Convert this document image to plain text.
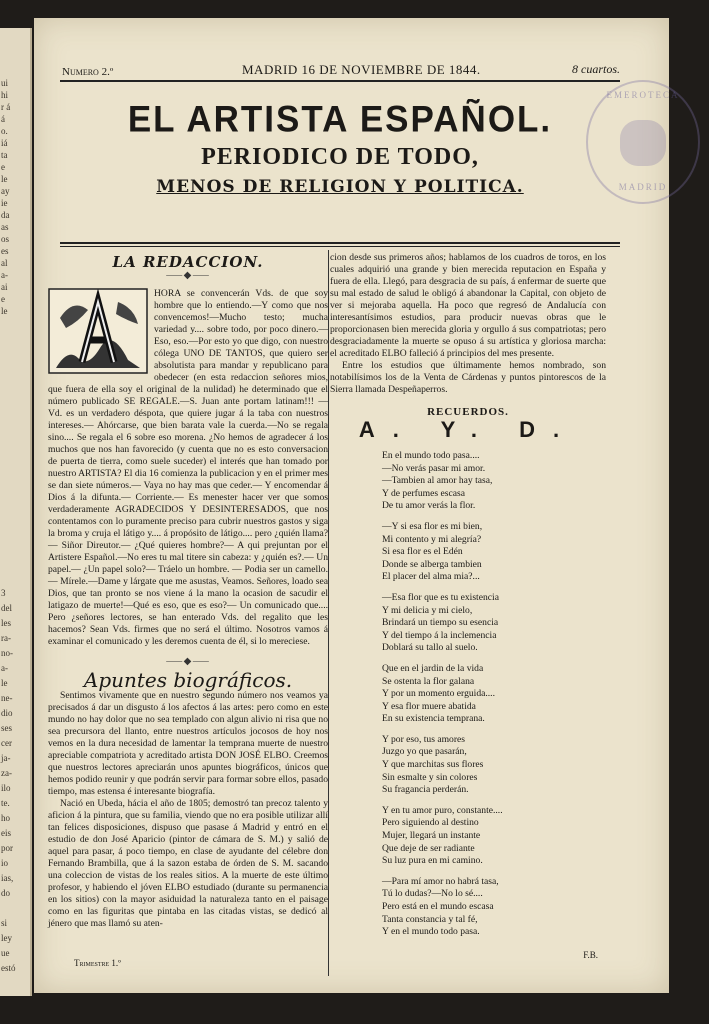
ui
hi
r á
á
o.
iá
ta
e
le
ay
ie
da
as
os
es
al
a-
ai
e
le
3
del
les
ra-
no-
a-
le
ne-
dio
ses
cer
ja-
za-
ilo
te.
ho
eis
por
io
ias,
do
si
ley
ue
estó
EMEROTECA
MADRID
Numero 2.º	MADRID 16 DE NOVIEMBRE DE 1844.	8 cuartos.
EL ARTISTA ESPAÑOL.
PERIODICO DE TODO,
MENOS DE RELIGION Y POLITICA.
LA REDACCION.
⸺◆⸺

HORA se convencerán Vds. de que soy hombre que lo entiendo.—Y como que nos convencemos!—Mucho testo; mucha variedad y.... sobre todo, por poco dinero.—Eso, eso.—Por esto yo que digo, con nuestro cólega UNO DE TANTOS, que quiero ser absolutista para mandar y republicano para obedecer (en esta redaccion señores mios, que fuera de ella soy el original de la nulidad) he determinado que el número publicado SE REGALE.—S. Juan ante portam latinam!!! — Vd. es un verdadero déspota, que quiere jugar á la taba con nuestros intereses.— Ahórcarse, que bien barata vale la cuerda.—No se regala sino.... Se regala el 6 sobre eso morena. ¿No hemos de agradecer á los muchos que nos han favorecido (y cuenta que no es esto conversacion de puerta de tierra, como suele suceder) el interés que han tomado por nuestro ARTISTA? El dia 16 comienza la publicacion y en el primer mes se dan siete números.— Vaya no hay mas que ceder.— Y encomendar á Dios á la difunta.— Corriente.— Es menester hacer ver que somos verdaderamente AGRADECIDOS Y DESINTERESADOS, que nos contentamos con lo puramente preciso para cubrir nuestros gastos y siga la broma y cruja el látigo y.... á propósito de látigo.... pero ¿quién llama?— Siñor Direutor.— ¿Qué quieres hombre?— A qui prejuntan por el Artistere Español.—No eres tu mal titere sin cabeza: y ¿quién es?.— Un papel.— ¿Un papel solo?— Tráelo un hombre. — Podia ser un camello.— Mírele.—Dame y lárgate que me asustas, Veamos. Señores, loado sea Dios, que tan pronto se nos viene á la mano la ocasion de sacudir el latigazo de muerte!—Qué es eso, que es eso?— Un comunicado que.... Pero ¿señores lectores, se han enterado Vds. del regalito que les hacemos? Sean Vds. firmes que no será el último. Nosotros vamos á examinar el comunicado y les deremos cuenta de él, si lo mereciese.

⸺◆⸺
Apuntes biográficos.

Sentimos vivamente que en nuestro segundo número nos veamos ya precisados á dar un disgusto á los afectos á las artes: pero como en este mundo no hay dolor que no sea templado con algun alivio ni risa que no sea precursora del llanto, entre nuestros artículos jocosos de hoy nos vemos en la dura necesidad de lamentar la temprana muerte de nuestro apreciable compatriota y acreditado artista DON JOSÉ ELBO. Creemos que nuestros lectores apreciarán unos apuntes biográficos, únicos que hemos podido reunir y que podrán servir para formar sobre ellos, pasado tiempo, mas estensa é interesante biografía.

Nació en Ubeda, hácia el año de 1805; demostró tan precoz talento y aficion á la pintura, que su familia, viendo que no era posible utilizar allí tan felices disposiciones, dispuso que pasase á Madrid y entró en el estudio de don José Aparicio (pintor de cámara de S. M.) y salió de aquel para pasar, á poco tiempo, en clase de ayudante del célebre don Fernando Brambilla, que á la sazon estaba de órden de S. M. sacando una coleccion de vistas de los reales sitios. A la muerte de este último profesor, y habiendo el jóven ELBO estudiado (durante su permanencia en los sitios) con la mayor asiduidad la naturaleza tanto en el paisage como en las figuritas que pintaba en las citadas vistas, se dedicó al jénero que mas llamó su aten-

cion desde sus primeros años; hablamos de los cuadros de toros, en los cuales adquirió una grande y bien merecida reputacion en España y fuera de ella. Llegó, para desgracia de su país, á enfermar de suerte que su mal estado de salud le obligó á abandonar la Capital, con objeto de ver si mejoraba aquella. Ha poco que regresó de Andalucía con interesantísimos estudios, para producir nuevas obras que le proporcionasen bien merecida gloria y orgullo á sus compatriotas; pero desgraciadamente la muerte se opuso á su artística y gloriosa marcha: el acreditado ELBO falleció á principios del mes presente.

Entre los estudios que últimamente hemos nombrado, son notabilísimos los de la Venta de Cárdenas y puntos pintorescos de la Sierra llamada Despeñaperros.

RECUERDOS.
A. Y. D.
En el mundo todo pasa....
—No verás pasar mi amor.
—Tambien al amor hay tasa,
Y de perfumes escasa
De tu amor verás la flor.
—Y si esa flor es mi bien,
Mi contento y mi alegría?
Si esa flor es el Edén
Donde se alberga tambien
El placer del alma mia?...
—Esa flor que es tu existencia
Y mi delicia y mi cielo,
Brindará un tiempo su esencia
Y del tiempo á la inclemencia
Doblará su tallo al suelo.
Que en el jardin de la vida
Se ostenta la flor galana
Y por un momento erguida....
Y esa flor muere abatida
En su existencia temprana.
Y por eso, tus amores
Juzgo yo que pasarán,
Y que marchitas sus flores
Sin esmalte y sin colores
Su fragancia perderán.
Y en tu amor puro, constante....
Pero siguiendo al destino
Mujer, llegará un instante
Que deje de ser radiante
Su luz pura en mi camino.
—Para mí amor no habrá tasa,
Tú lo dudas?—No lo sé....
Pero está en el mundo escasa
Tanta constancia y tal fé,
Y en el mundo todo pasa.
F.B.
Trimestre 1.º
